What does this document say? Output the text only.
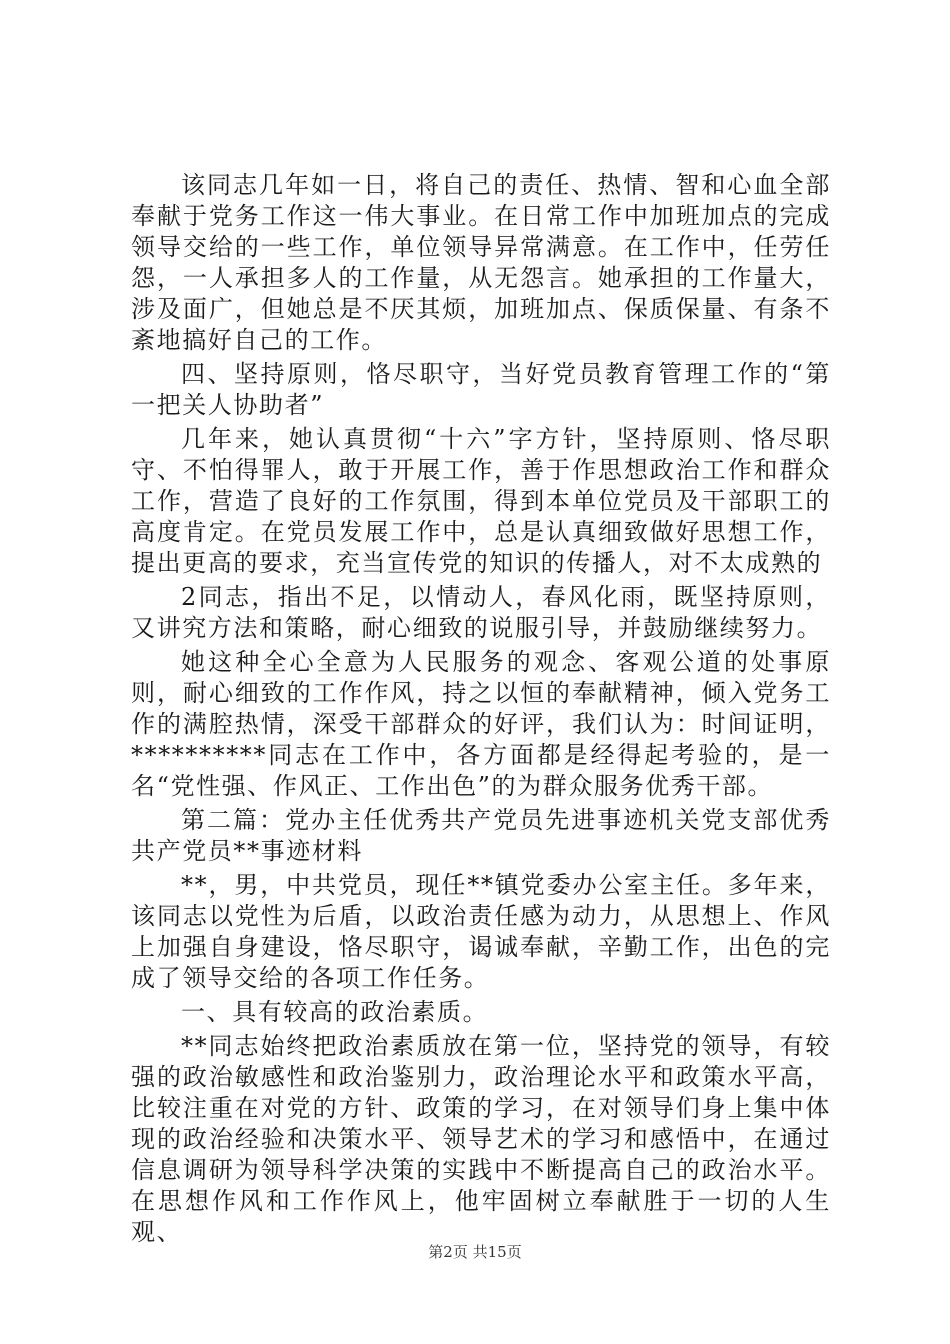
该同志几年如一日，将自己的责任、热情、智和心血全部奉献于党务工作这一伟大事业。在日常工作中加班加点的完成领导交给的一些工作，单位领导异常满意。在工作中，任劳任怨，一人承担多人的工作量，从无怨言。她承担的工作量大，涉及面广，但她总是不厌其烦，加班加点、保质保量、有条不紊地搞好自己的工作。

四、坚持原则，恪尽职守，当好党员教育管理工作的“第一把关人协助者”

几年来，她认真贯彻“十六”字方针，坚持原则、恪尽职守、不怕得罪人，敢于开展工作，善于作思想政治工作和群众工作，营造了良好的工作氛围，得到本单位党员及干部职工的高度肯定。在党员发展工作中，总是认真细致做好思想工作，提出更高的要求，充当宣传党的知识的传播人，对不太成熟的

2同志，指出不足，以情动人，春风化雨，既坚持原则，又讲究方法和策略，耐心细致的说服引导，并鼓励继续努力。

她这种全心全意为人民服务的观念、客观公道的处事原则，耐心细致的工作作风，持之以恒的奉献精神，倾入党务工作的满腔热情，深受干部群众的好评，我们认为：时间证明，**********同志在工作中，各方面都是经得起考验的，是一名“党性强、作风正、工作出色”的为群众服务优秀干部。

第二篇：党办主任优秀共产党员先进事迹机关党支部优秀共产党员**事迹材料

**，男，中共党员，现任**镇党委办公室主任。多年来，该同志以党性为后盾，以政治责任感为动力，从思想上、作风上加强自身建设，恪尽职守，谒诚奉献，辛勤工作，出色的完成了领导交给的各项工作任务。

一、具有较高的政治素质。

**同志始终把政治素质放在第一位，坚持党的领导，有较强的政治敏感性和政治鉴别力，政治理论水平和政策水平高，比较注重在对党的方针、政策的学习，在对领导们身上集中体现的政治经验和决策水平、领导艺术的学习和感悟中，在通过信息调研为领导科学决策的实践中不断提高自己的政治水平。在思想作风和工作作风上，他牢固树立奉献胜于一切的人生观、

第2页 共15页
